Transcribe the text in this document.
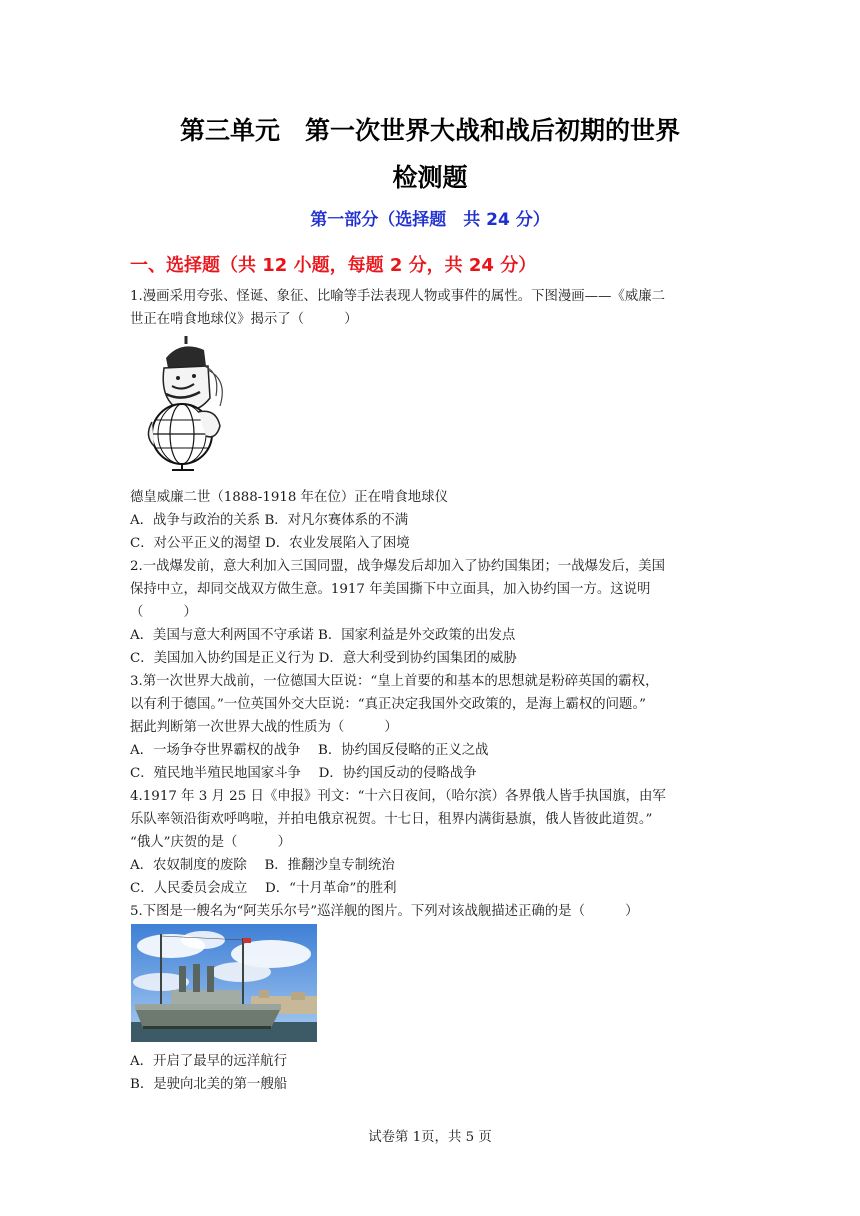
第三单元　第一次世界大战和战后初期的世界
检测题
第一部分（选择题　共 24 分）
一、选择题（共 12 小题，每题 2 分，共 24 分）
1.漫画采用夸张、怪诞、象征、比喻等手法表现人物或事件的属性。下图漫画——《威廉二
世正在啃食地球仪》揭示了（　　　）
德皇威廉二世（1888-1918 年在位）正在啃食地球仪
A．战争与政治的关系 B．对凡尔赛体系的不满
C．对公平正义的渴望 D．农业发展陷入了困境
2.一战爆发前，意大利加入三国同盟，战争爆发后却加入了协约国集团；一战爆发后，美国
保持中立，却同交战双方做生意。1917 年美国撕下中立面具，加入协约国一方。这说明
（　　　）
A．美国与意大利两国不守承诺 B．国家利益是外交政策的出发点
C．美国加入协约国是正义行为 D．意大利受到协约国集团的威胁
3.第一次世界大战前，一位德国大臣说：“皇上首要的和基本的思想就是粉碎英国的霸权，
以有利于德国。”一位英国外交大臣说：“真正决定我国外交政策的，是海上霸权的问题。”
据此判断第一次世界大战的性质为（　　　）
A．一场争夺世界霸权的战争　 B．协约国反侵略的正义之战
C．殖民地半殖民地国家斗争　 D．协约国反动的侵略战争
4.1917 年 3 月 25 日《申报》刊文：“十六日夜间，（哈尔滨）各界俄人皆手执国旗，由军
乐队率领沿街欢呼鸣啦，并拍电俄京祝贺。十七日，租界内满街悬旗，俄人皆彼此道贺。”
“俄人”庆贺的是（　　　）
A．农奴制度的废除　 B．推翻沙皇专制统治
C．人民委员会成立　 D．“十月革命”的胜利
5.下图是一艘名为“阿芙乐尔号”巡洋舰的图片。下列对该战舰描述正确的是（　　　）
A．开启了最早的远洋航行
B．是驶向北美的第一艘船
试卷第 1页，共 5 页
